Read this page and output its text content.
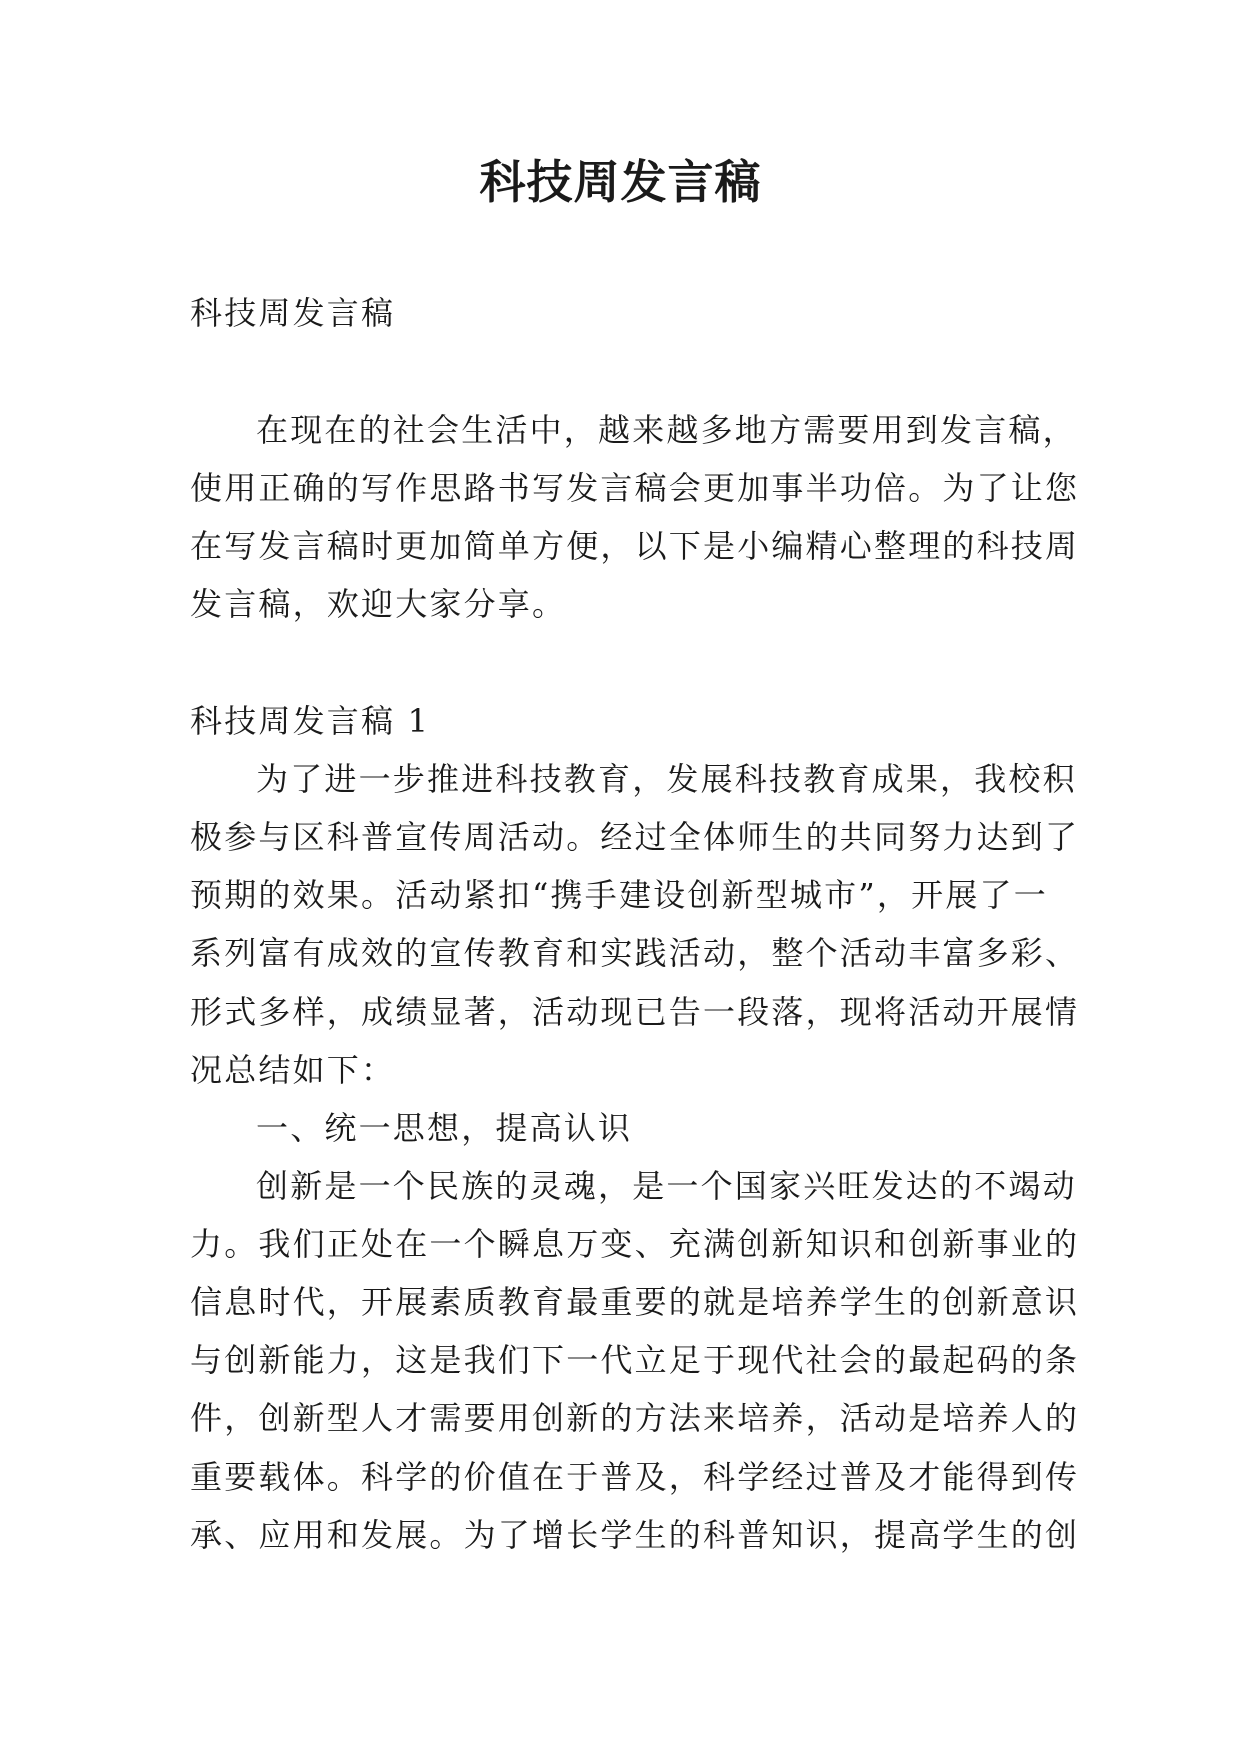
科技周发言稿
科技周发言稿
在现在的社会生活中，越来越多地方需要用到发言稿，
使用正确的写作思路书写发言稿会更加事半功倍。为了让您
在写发言稿时更加简单方便，以下是小编精心整理的科技周
发言稿，欢迎大家分享。
科技周发言稿 1
为了进一步推进科技教育，发展科技教育成果，我校积
极参与区科普宣传周活动。经过全体师生的共同努力达到了
预期的效果。活动紧扣“携手建设创新型城市”，开展了一
系列富有成效的宣传教育和实践活动，整个活动丰富多彩、
形式多样，成绩显著，活动现已告一段落，现将活动开展情
况总结如下：
一、统一思想，提高认识
创新是一个民族的灵魂，是一个国家兴旺发达的不竭动
力。我们正处在一个瞬息万变、充满创新知识和创新事业的
信息时代，开展素质教育最重要的就是培养学生的创新意识
与创新能力，这是我们下一代立足于现代社会的最起码的条
件，创新型人才需要用创新的方法来培养，活动是培养人的
重要载体。科学的价值在于普及，科学经过普及才能得到传
承、应用和发展。为了增长学生的科普知识，提高学生的创
